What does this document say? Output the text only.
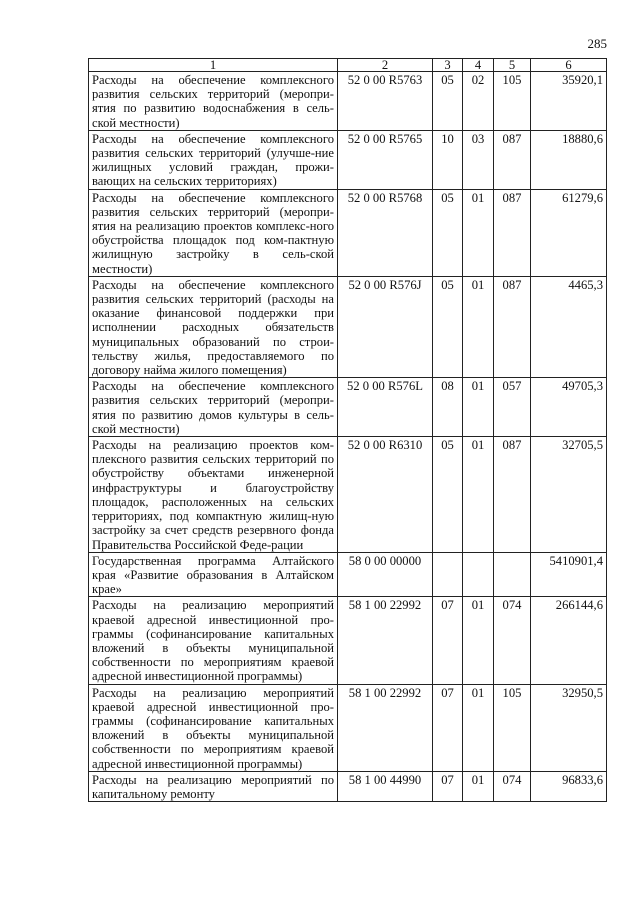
285
1	2	3	4	5	6
Расходы на обеспечение комплексного развития сельских территорий (меропри-ятия по развитию водоснабжения в сель-ской местности)	52 0 00 R5763	05	02	105	35920,1
Расходы на обеспечение комплексного развития сельских территорий (улучше-ние жилищных условий граждан, прожи-вающих на сельских территориях)	52 0 00 R5765	10	03	087	18880,6
Расходы на обеспечение комплексного развития сельских территорий (меропри-ятия на реализацию проектов комплекс-ного обустройства площадок под ком-пактную жилищную застройку в сель-ской местности)	52 0 00 R5768	05	01	087	61279,6
Расходы на обеспечение комплексного развития сельских территорий (расходы на оказание финансовой поддержки при исполнении расходных обязательств муниципальных образований по строи-тельству жилья, предоставляемого по договору найма жилого помещения)	52 0 00 R576J	05	01	087	4465,3
Расходы на обеспечение комплексного развития сельских территорий (меропри-ятия по развитию домов культуры в сель-ской местности)	52 0 00 R576L	08	01	057	49705,3
Расходы на реализацию проектов ком-плексного развития сельских территорий по обустройству объектами инженерной инфраструктуры и благоустройству площадок, расположенных на сельских территориях, под компактную жилищ-ную застройку за счет средств резервного фонда Правительства Российской Феде-рации	52 0 00 R6310	05	01	087	32705,5
Государственная программа Алтайского края «Развитие образования в Алтайском крае»	58 0 00 00000				5410901,4
Расходы на реализацию мероприятий краевой адресной инвестиционной про-граммы (софинансирование капитальных вложений в объекты муниципальной собственности по мероприятиям краевой адресной инвестиционной программы)	58 1 00 22992	07	01	074	266144,6
Расходы на реализацию мероприятий краевой адресной инвестиционной про-граммы (софинансирование капитальных вложений в объекты муниципальной собственности по мероприятиям краевой адресной инвестиционной программы)	58 1 00 22992	07	01	105	32950,5
Расходы на реализацию мероприятий по капитальному ремонту	58 1 00 44990	07	01	074	96833,6
